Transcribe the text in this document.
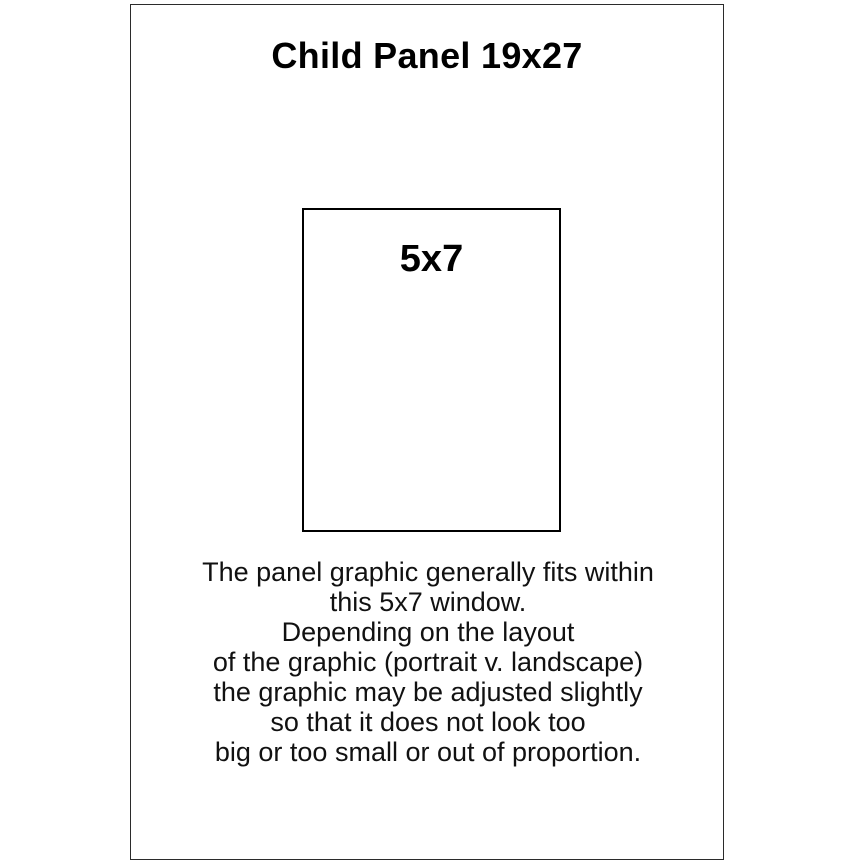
Child Panel 19x27
5x7
The panel graphic generally fits within
this 5x7 window.
Depending on the layout
of the graphic (portrait v. landscape)
the graphic may be adjusted slightly
so that it does not look too
big or too small or out of proportion.
